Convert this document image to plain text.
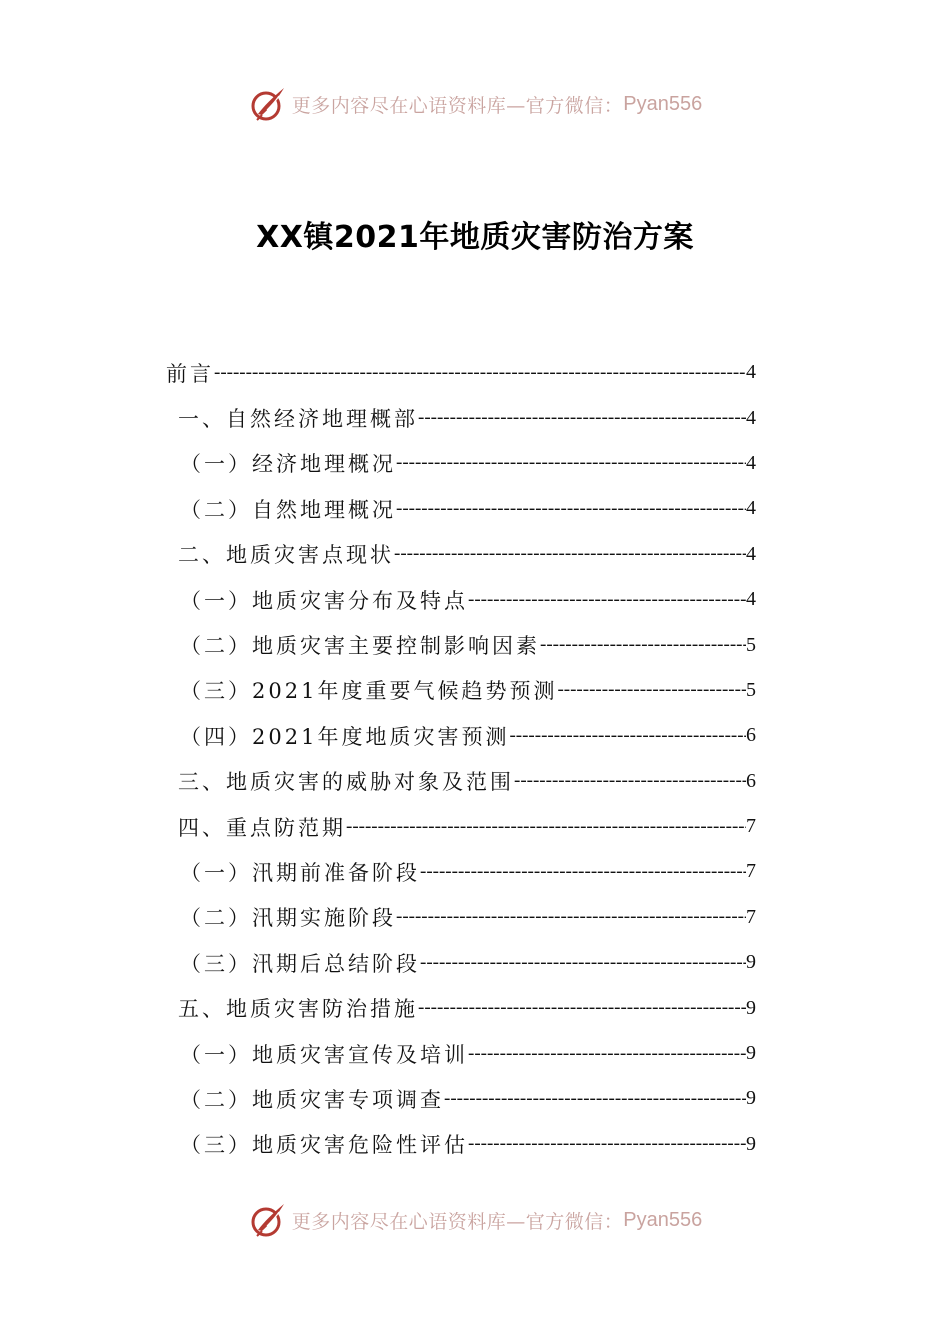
更多内容尽在心语资料库—官方微信： Pyan556
XX镇2021年地质灾害防治方案
前言 -----	4
一、自然经济地理概部 -----	4
（一）经济地理概况 -----	4
（二）自然地理概况 -----	4
二、地质灾害点现状 -----	4
（一）地质灾害分布及特点 -----	4
（二）地质灾害主要控制影响因素 -----	5
（三）2021年度重要气候趋势预测 -----	5
（四）2021年度地质灾害预测 -----	6
三、地质灾害的威胁对象及范围 -----	6
四、重点防范期 -----	7
（一）汛期前准备阶段 -----	7
（二）汛期实施阶段 -----	7
（三）汛期后总结阶段 -----	9
五、地质灾害防治措施 -----	9
（一）地质灾害宣传及培训 -----	9
（二）地质灾害专项调查 -----	9
（三）地质灾害危险性评估 -----	9
更多内容尽在心语资料库—官方微信： Pyan556
